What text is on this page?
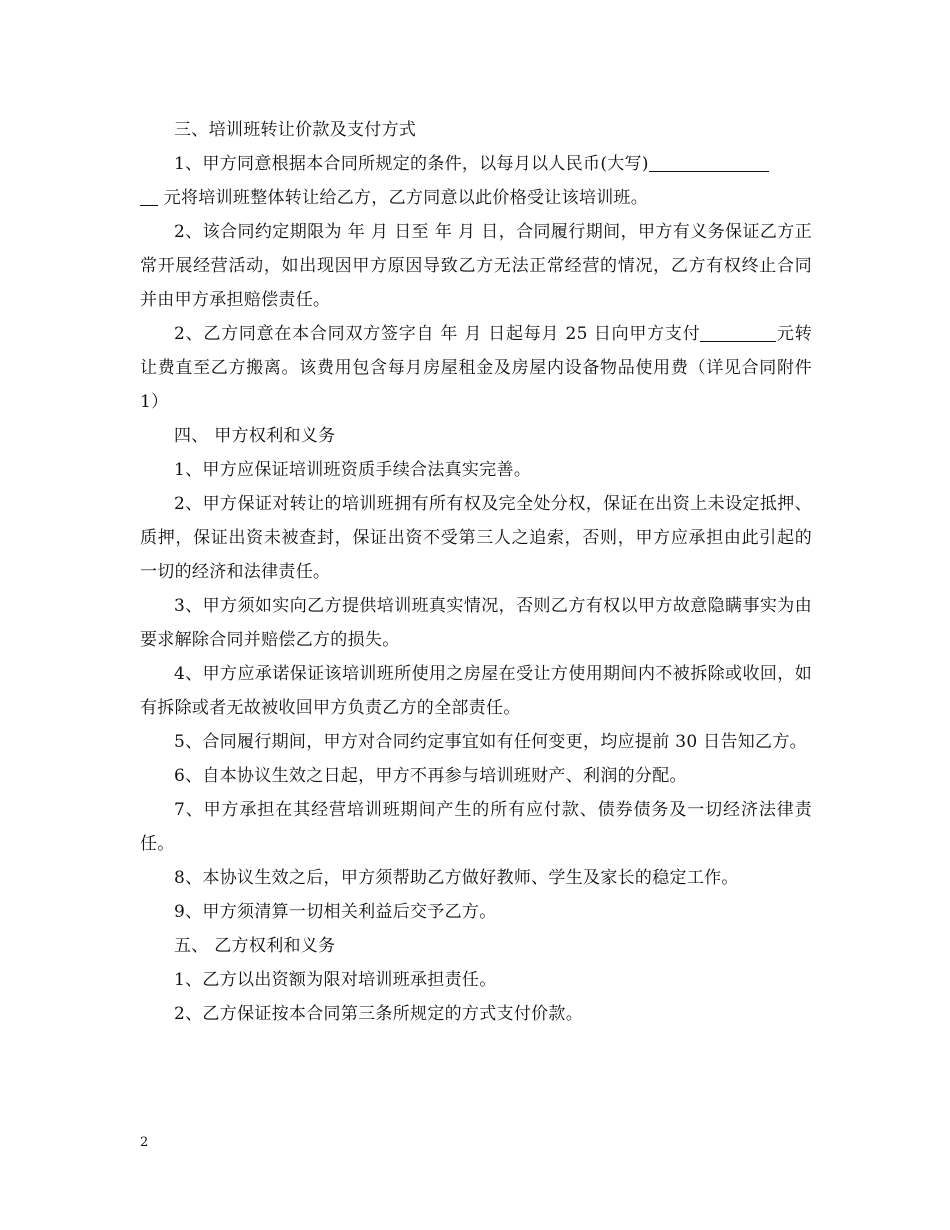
三、培训班转让价款及支付方式

1、甲方同意根据本合同所规定的条件，以每月以人民币(大写)
元将培训班整体转让给乙方，乙方同意以此价格受让该培训班。

2、该合同约定期限为 年 月 日至 年 月 日，合同履行期间，甲方有义务保证乙方正常开展经营活动，如出现因甲方原因导致乙方无法正常经营的情况，乙方有权终止合同并由甲方承担赔偿责任。

2、乙方同意在本合同双方签字自 年 月 日起每月 25 日向甲方支付	元转让费直至乙方搬离。该费用包含每月房屋租金及房屋内设备物品使用费（详见合同附件 1）

四、 甲方权利和义务

1、甲方应保证培训班资质手续合法真实完善。

2、甲方保证对转让的培训班拥有所有权及完全处分权，保证在出资上未设定抵押、质押，保证出资未被查封，保证出资不受第三人之追索，否则，甲方应承担由此引起的一切的经济和法律责任。

3、甲方须如实向乙方提供培训班真实情况，否则乙方有权以甲方故意隐瞒事实为由要求解除合同并赔偿乙方的损失。

4、甲方应承诺保证该培训班所使用之房屋在受让方使用期间内不被拆除或收回，如有拆除或者无故被收回甲方负责乙方的全部责任。

5、合同履行期间，甲方对合同约定事宜如有任何变更，均应提前 30 日告知乙方。

6、自本协议生效之日起，甲方不再参与培训班财产、利润的分配。

7、甲方承担在其经营培训班期间产生的所有应付款、债券债务及一切经济法律责任。

8、本协议生效之后，甲方须帮助乙方做好教师、学生及家长的稳定工作。

9、甲方须清算一切相关利益后交予乙方。

五、 乙方权利和义务

1、乙方以出资额为限对培训班承担责任。

2、乙方保证按本合同第三条所规定的方式支付价款。

2
